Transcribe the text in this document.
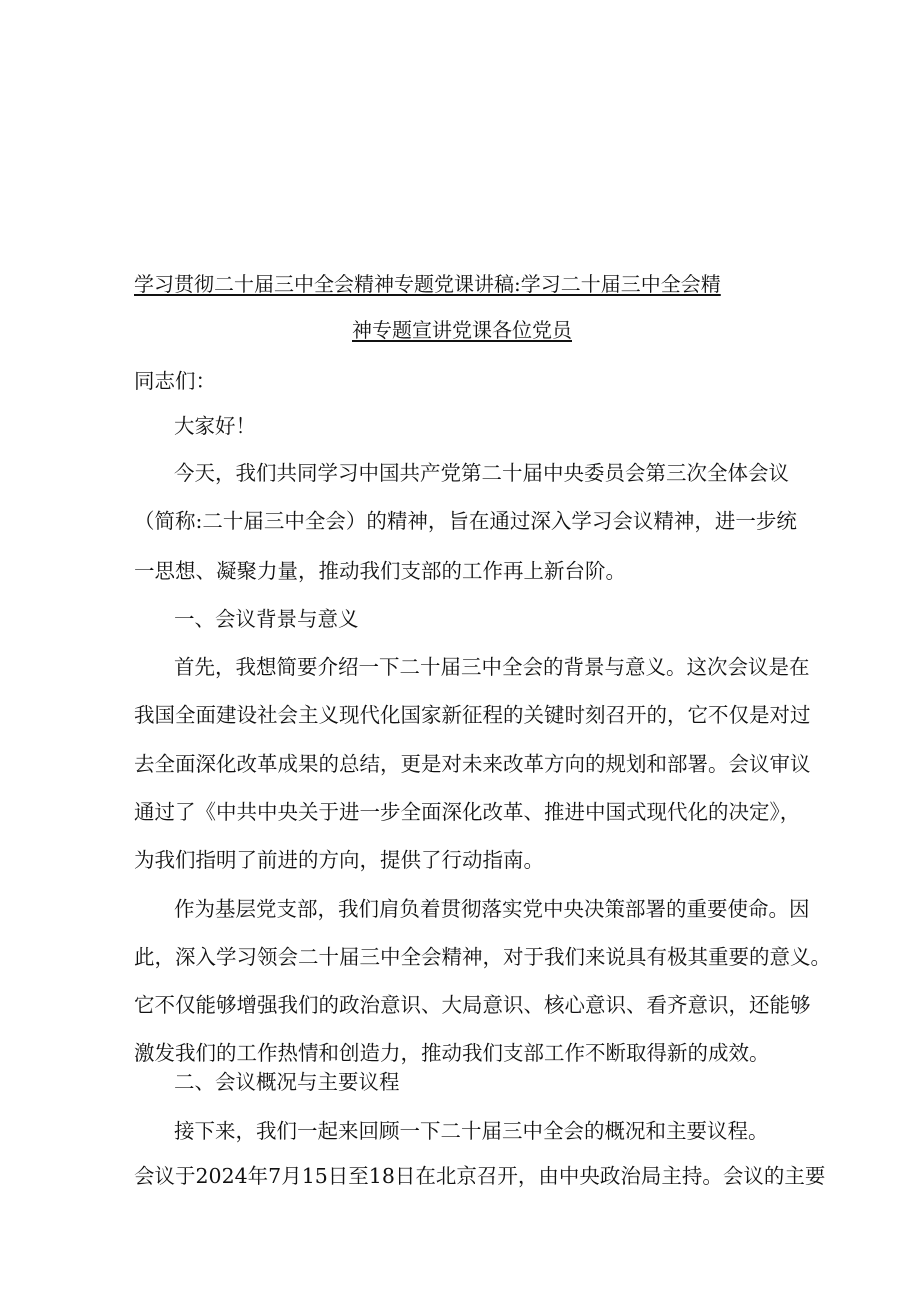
学习贯彻二十届三中全会精神专题党课讲稿:学习二十届三中全会精
神专题宣讲党课各位党员
同志们：
大家好！
今天，我们共同学习中国共产党第二十届中央委员会第三次全体会议
（简称:二十届三中全会）的精神，旨在通过深入学习会议精神，进一步统
一思想、凝聚力量，推动我们支部的工作再上新台阶。
一、会议背景与意义
首先，我想简要介绍一下二十届三中全会的背景与意义。这次会议是在
我国全面建设社会主义现代化国家新征程的关键时刻召开的，它不仅是对过
去全面深化改革成果的总结，更是对未来改革方向的规划和部署。会议审议
通过了《中共中央关于进一步全面深化改革、推进中国式现代化的决定》，
为我们指明了前进的方向，提供了行动指南。
作为基层党支部，我们肩负着贯彻落实党中央决策部署的重要使命。因
此，深入学习领会二十届三中全会精神，对于我们来说具有极其重要的意义。
它不仅能够增强我们的政治意识、大局意识、核心意识、看齐意识，还能够
激发我们的工作热情和创造力，推动我们支部工作不断取得新的成效。
二、会议概况与主要议程
接下来，我们一起来回顾一下二十届三中全会的概况和主要议程。
会议于2024年7月15日至18日在北京召开，由中央政治局主持。会议的主要
